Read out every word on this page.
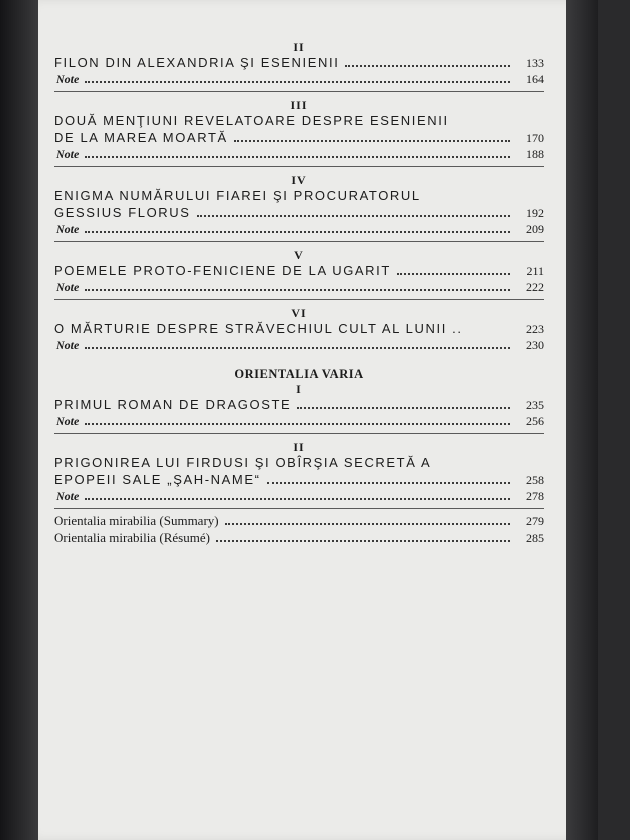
II
FILON DIN ALEXANDRIA ŞI ESENIENII	133
Note	164
III
DOUĂ MENŢIUNI REVELATOARE DESPRE ESENIENII
DE LA MAREA MOARTĂ	170
Note	188
IV
ENIGMA NUMĂRULUI FIAREI ŞI PROCURATORUL
GESSIUS FLORUS	192
Note	209
V
POEMELE PROTO-FENICIENE DE LA UGARIT	211
Note	222
VI
O MĂRTURIE DESPRE STRĂVECHIUL CULT AL LUNII ..	223
Note	230
ORIENTALIA VARIA
I
PRIMUL ROMAN DE DRAGOSTE	235
Note	256
II
PRIGONIREA LUI FIRDUSI ŞI OBÎRŞIA SECRETĂ A
EPOPEII SALE „ŞAH-NAME“	258
Note	278
Orientalia mirabilia (Summary)	279
Orientalia mirabilia (Résumé)	285
